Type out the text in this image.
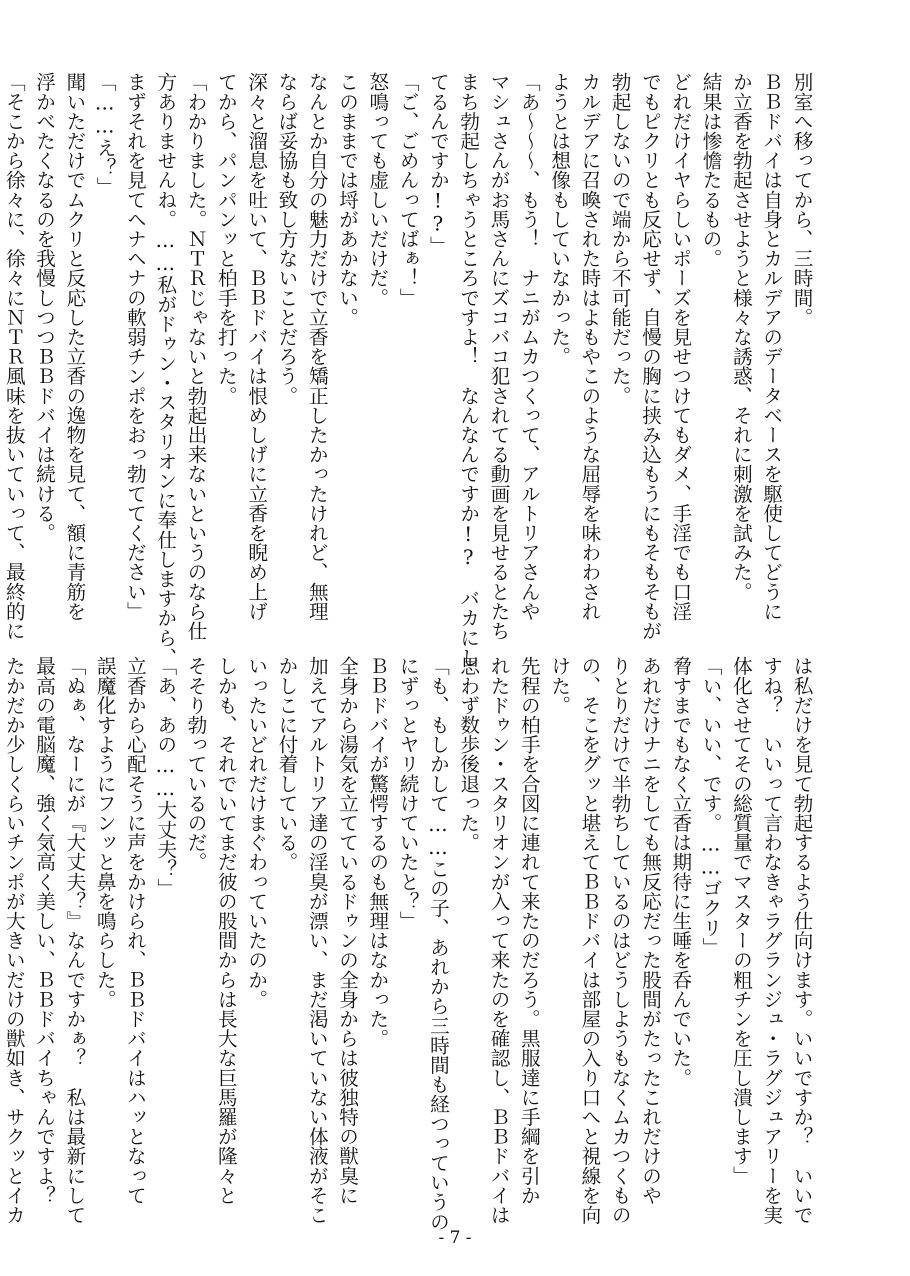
別室へ移ってから、三時間。
ＢＢドバイは自身とカルデアのデータベースを駆使してどうに
か立香を勃起させようと様々な誘惑、それに刺激を試みた。
結果は惨憺たるもの。
どれだけイヤらしいポーズを見せつけてもダメ、手淫でも口淫
でもピクリとも反応せず、自慢の胸に挟み込もうにもそもそもが
勃起しないので端から不可能だった。
カルデアに召喚された時はよもやこのような屈辱を味わわされ
ようとは想像もしていなかった。
「あ～～～、もう！　ナニがムカつくって、アルトリアさんや
マシュさんがお馬さんにズコバコ犯されてる動画を見せるとたち
まち勃起しちゃうところですよ！　なんなんですか!?　バカにし
てるんですか!?」
「ご、ごめんってばぁ！」
怒鳴っても虚しいだけだ。
このままでは埒があかない。
なんとか自分の魅力だけで立香を矯正したかったけれど、無理
ならば妥協も致し方ないことだろう。
深々と溜息を吐いて、ＢＢドバイは恨めしげに立香を睨め上げ
てから、パンパンッと柏手を打った。
「わかりました。ＮＴＲじゃないと勃起出来ないというのなら仕
方ありませんね。……私がドゥン・スタリオンに奉仕しますから、
まずそれを見てヘナヘナの軟弱チンポをおっ勃ててください」
「……え？」
聞いただけでムクリと反応した立香の逸物を見て、額に青筋を
浮かべたくなるのを我慢しつつＢＢドバイは続ける。
「そこから徐々に、徐々にＮＴＲ風味を抜いていって、最終的に
は私だけを見て勃起するよう仕向けます。いいですか？　いいで
すね？　いいって言わなきゃラグランジュ・ラグジュアリーを実
体化させてその総質量でマスターの粗チンを圧し潰します」
「い、いい、です。……ゴクリ」
脅すまでもなく立香は期待に生唾を呑んでいた。
あれだけナニをしても無反応だった股間がたったこれだけのや
りとりだけで半勃ちしているのはどうしようもなくムカつくもの
の、そこをグッと堪えてＢＢドバイは部屋の入り口へと視線を向
けた。
先程の柏手を合図に連れて来たのだろう。黒服達に手綱を引か
れたドゥン・スタリオンが入って来たのを確認し、ＢＢドバイは
思わず数歩後退った。
「も、もしかして……この子、あれから三時間も経つっていうの
にずっとヤリ続けていたと？」
ＢＢドバイが驚愕するのも無理はなかった。
全身から湯気を立てているドゥンの全身からは彼独特の獣臭に
加えてアルトリア達の淫臭が漂い、まだ渇いていない体液がそこ
かしこに付着している。
いったいどれだけまぐわっていたのか。
しかも、それでいてまだ彼の股間からは長大な巨馬羅が隆々と
そそり勃っているのだ。
「あ、あの……大丈夫？」
立香から心配そうに声をかけられ、ＢＢドバイはハッとなって
誤魔化すようにフンッと鼻を鳴らした。
「ぬぁ、なーにが『大丈夫？』なんですかぁ？　私は最新にして
最高の電脳魔、強く気高く美しい、ＢＢドバイちゃんですよ？
たかだか少しくらいチンポが大きいだけの獣如き、サクッとイカ
- 7 -
